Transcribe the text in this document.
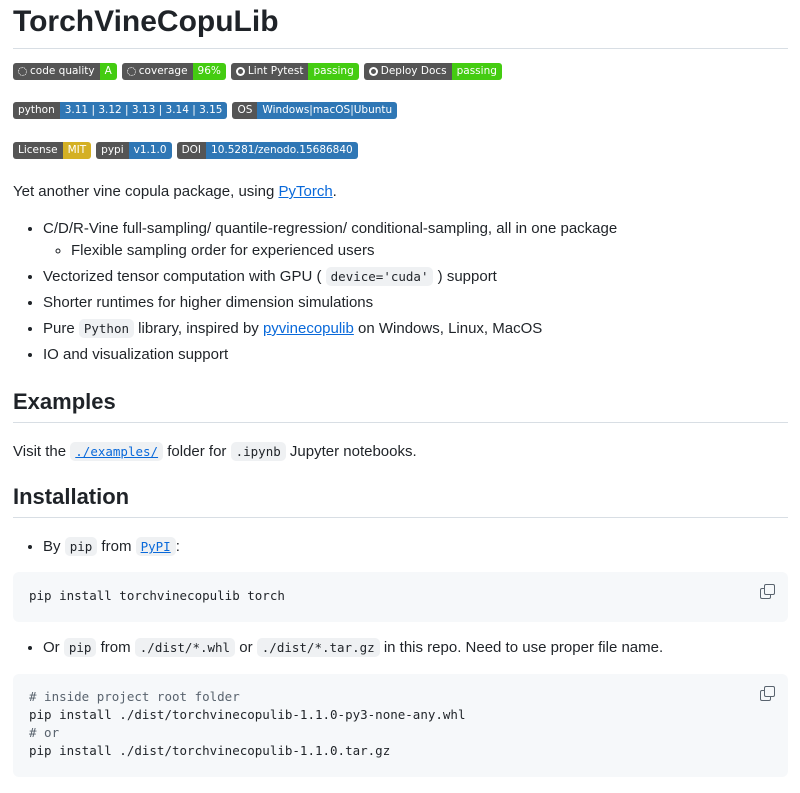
TorchVineCopuLib
code quality A	coverage 96%	Lint Pytest passing	Deploy Docs passing
python 3.11 | 3.12 | 3.13 | 3.14 | 3.15	OS Windows|macOS|Ubuntu
License MIT	pypi v1.1.0	DOI 10.5281/zenodo.15686840

Yet another vine copula package, using PyTorch.

• C/D/R-Vine full-sampling/ quantile-regression/ conditional-sampling, all in one package
◦ Flexible sampling order for experienced users
• Vectorized tensor computation with GPU ( device='cuda' ) support
• Shorter runtimes for higher dimension simulations
• Pure Python library, inspired by pyvinecopulib on Windows, Linux, MacOS
• IO and visualization support
Examples

Visit the ./examples/ folder for .ipynb Jupyter notebooks.

Installation
• By pip from PyPI :
pip install torchvinecopulib torch
• Or pip from ./dist/*.whl or ./dist/*.tar.gz in this repo. Need to use proper file name.
# inside project root folder
pip install ./dist/torchvinecopulib-1.1.0-py3-none-any.whl
# or
pip install ./dist/torchvinecopulib-1.1.0.tar.gz
